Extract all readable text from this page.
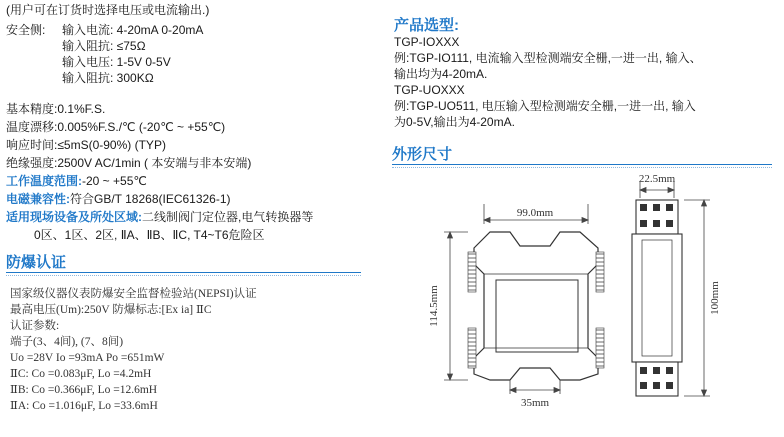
(用户可在订货时选择电压或电流输出.)
安全侧: 输入电流: 4-20mA 0-20mA
输入阻抗: ≤75Ω
输入电压: 1-5V 0-5V
输入阻抗: 300KΩ
基本精度:0.1%F.S.
温度漂移:0.005%F.S./℃ (-20℃ ~ +55℃)
响应时间:≤5mS(0-90%) (TYP)
绝缘强度:2500V AC/1min ( 本安端与非本安端)
工作温度范围:-20 ~ +55℃
电磁兼容性:符合GB/T 18268(IEC61326-1)
适用现场设备及所处区域:二线制阀门定位器,电气转换器等
0区、1区、2区, ⅡA、ⅡB、ⅡC, T4~T6危险区
防爆认证
国家级仪器仪表防爆安全监督检验站(NEPSI)认证
最高电压(Um):250V 防爆标志:[Ex ia] ⅡC
认证参数:
端子(3、4间), (7、8间)
Uo =28V Io =93mA Po =651mW
ⅡC: Co =0.083μF, Lo =4.2mH
ⅡB: Co =0.366μF, Lo =12.6mH
ⅡA: Co =1.016μF, Lo =33.6mH
产品选型:
TGP-IOXXX
例:TGP-IO111, 电流输入型检测端安全栅,一进一出, 输入、
输出均为4-20mA.
TGP-UOXXX
例:TGP-UO511, 电压输入型检测端安全栅,一进一出, 输入
为0-5V,输出为4-20mA.
外形尺寸
99.0mm
114.5mm
35mm
22.5mm
100mm
